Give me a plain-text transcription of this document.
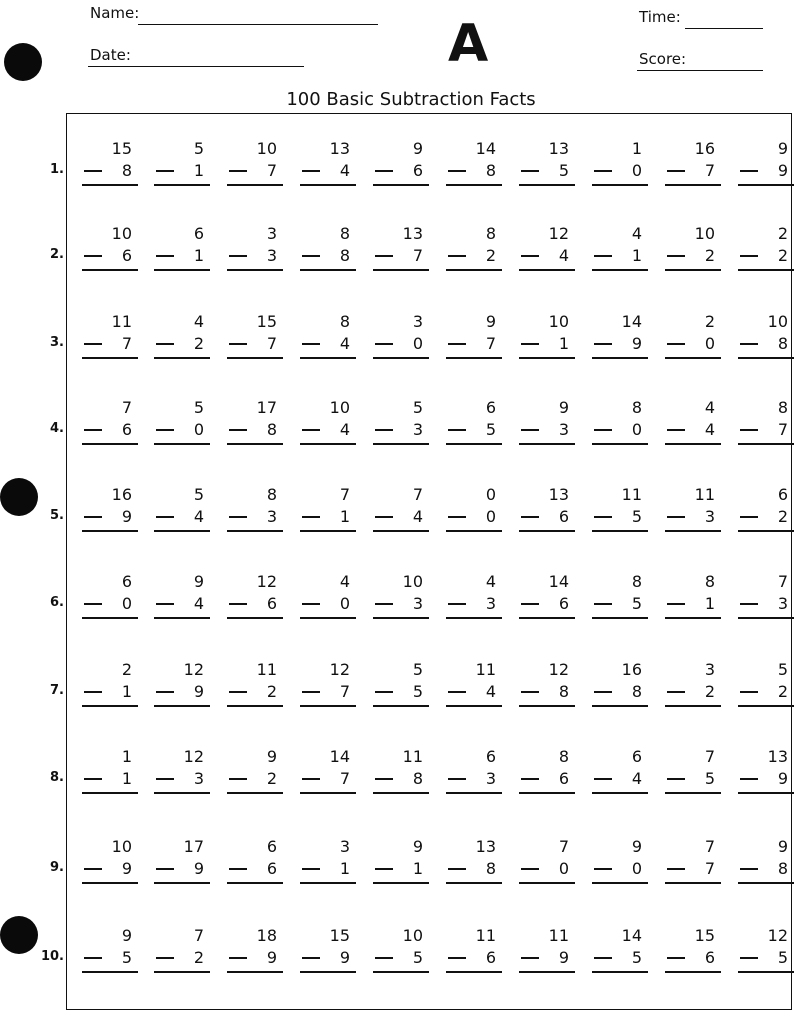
Name:
Date:
Time:
Score:
A
100 Basic Subtraction Facts
1.
15
8
5
1
10
7
13
4
9
6
14
8
13
5
1
0
16
7
9
9
2.
10
6
6
1
3
3
8
8
13
7
8
2
12
4
4
1
10
2
2
2
3.
11
7
4
2
15
7
8
4
3
0
9
7
10
1
14
9
2
0
10
8
4.
7
6
5
0
17
8
10
4
5
3
6
5
9
3
8
0
4
4
8
7
5.
16
9
5
4
8
3
7
1
7
4
0
0
13
6
11
5
11
3
6
2
6.
6
0
9
4
12
6
4
0
10
3
4
3
14
6
8
5
8
1
7
3
7.
2
1
12
9
11
2
12
7
5
5
11
4
12
8
16
8
3
2
5
2
8.
1
1
12
3
9
2
14
7
11
8
6
3
8
6
6
4
7
5
13
9
9.
10
9
17
9
6
6
3
1
9
1
13
8
7
0
9
0
7
7
9
8
10.
9
5
7
2
18
9
15
9
10
5
11
6
11
9
14
5
15
6
12
5
